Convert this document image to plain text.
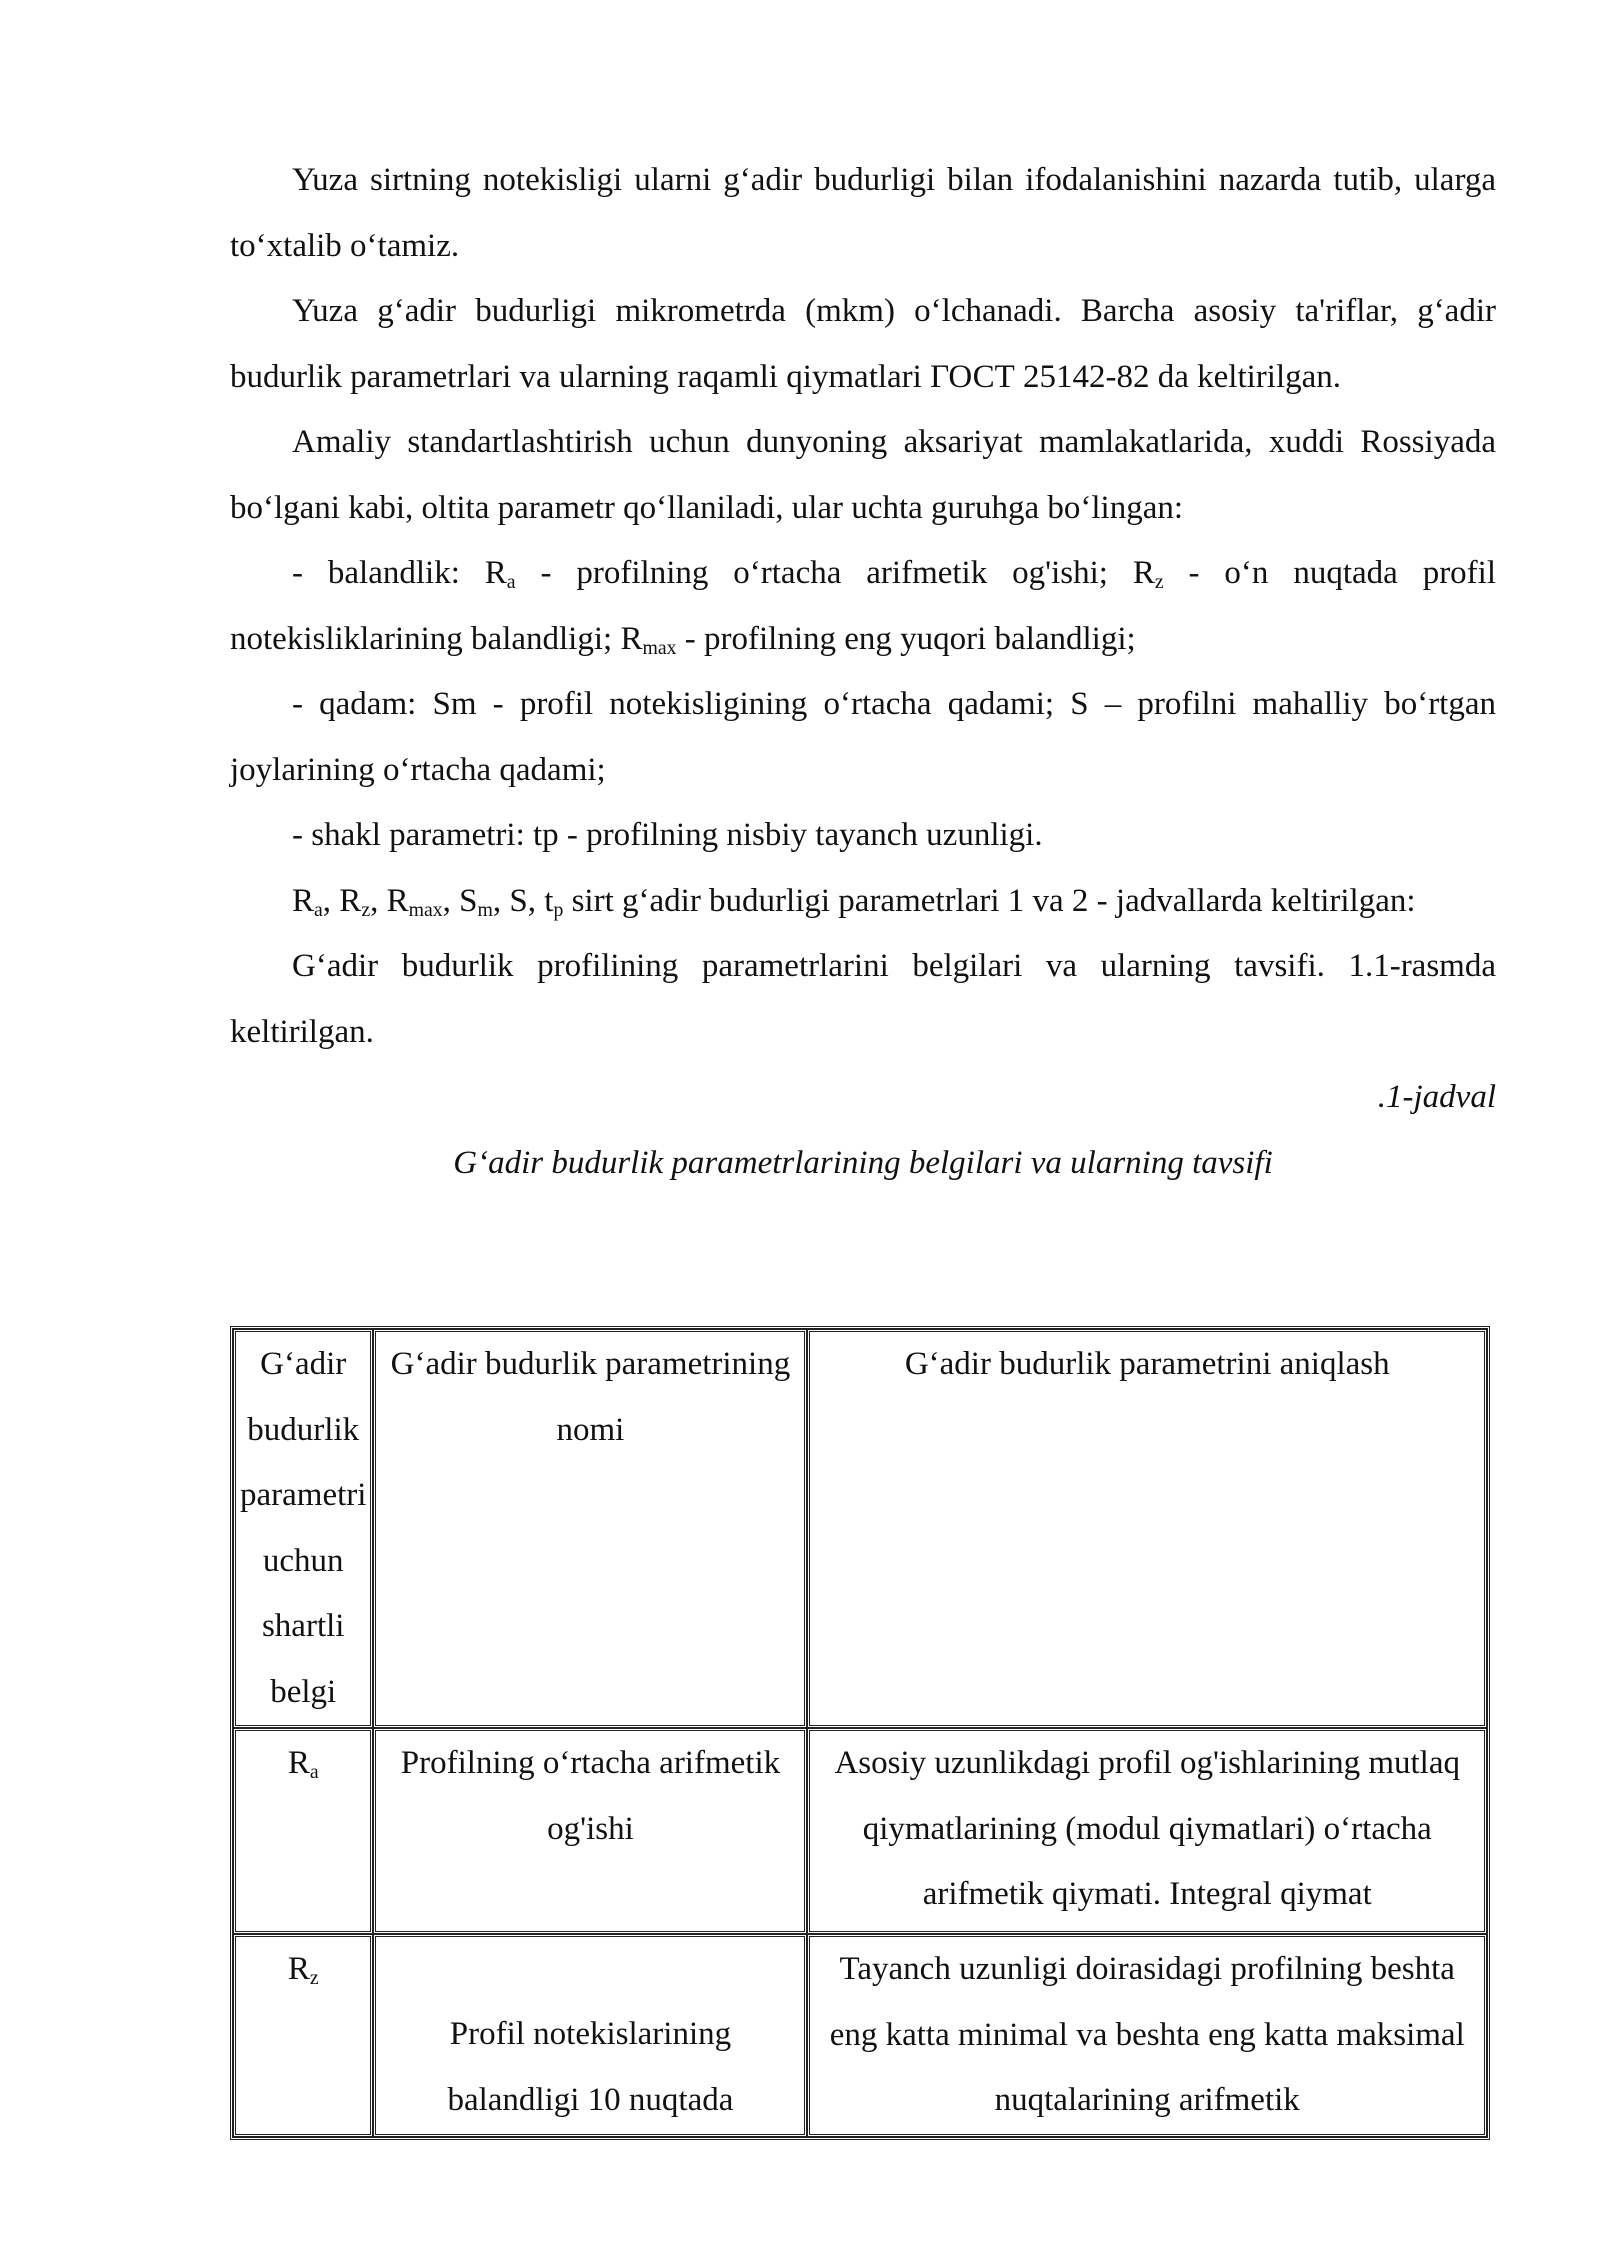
Yuza sirtning notekisligi ularni g‘adir budurligi bilan ifodalanishini nazarda tutib, ularga to‘xtalib o‘tamiz.

Yuza g‘adir budurligi mikrometrda (mkm) o‘lchanadi. Barcha asosiy ta'riflar, g‘adir budurlik parametrlari va ularning raqamli qiymatlari ГОСТ 25142-82 da keltirilgan.

Amaliy standartlashtirish uchun dunyoning aksariyat mamlakatlarida, xuddi Rossiyada bo‘lgani kabi, oltita parametr qo‘llaniladi, ular uchta guruhga bo‘lingan:

- balandlik: $R_a$ - profilning o‘rtacha arifmetik og'ishi; $R_z$ - o‘n nuqtada profil notekisliklarining balandligi; $R_{max}$ - profilning eng yuqori balandligi;

- qadam: Sm - profil notekisligining o‘rtacha qadami; S – profilni mahalliy bo‘rtgan joylarining o‘rtacha qadami;

- shakl parametri: tp - profilning nisbiy tayanch uzunligi.

$R_a$, $R_z$, $R_{max}$, $S_m$, S, $t_p$ sirt g‘adir budurligi parametrlari 1 va 2 - jadvallarda keltirilgan:

G‘adir budurlik profilining parametrlarini belgilari va ularning tavsifi. 1.1-rasmda keltirilgan.

.1-jadval
G‘adir budurlik parametrlarining belgilari va ularning tavsifi
G‘adir budurlik parametri uchun shartli belgi	G‘adir budurlik parametrining nomi	G‘adir budurlik parametrini aniqlash
$R_a$	Profilning o‘rtacha arifmetik og'ishi	Asosiy uzunlikdagi profil og'ishlarining mutlaq qiymatlarining (modul qiymatlari) o‘rtacha arifmetik qiymati. Integral qiymat
$R_z$	Profil notekislarining balandligi 10 nuqtada	Tayanch uzunligi doirasidagi profilning beshta eng katta minimal va beshta eng katta maksimal nuqtalarining arifmetik
